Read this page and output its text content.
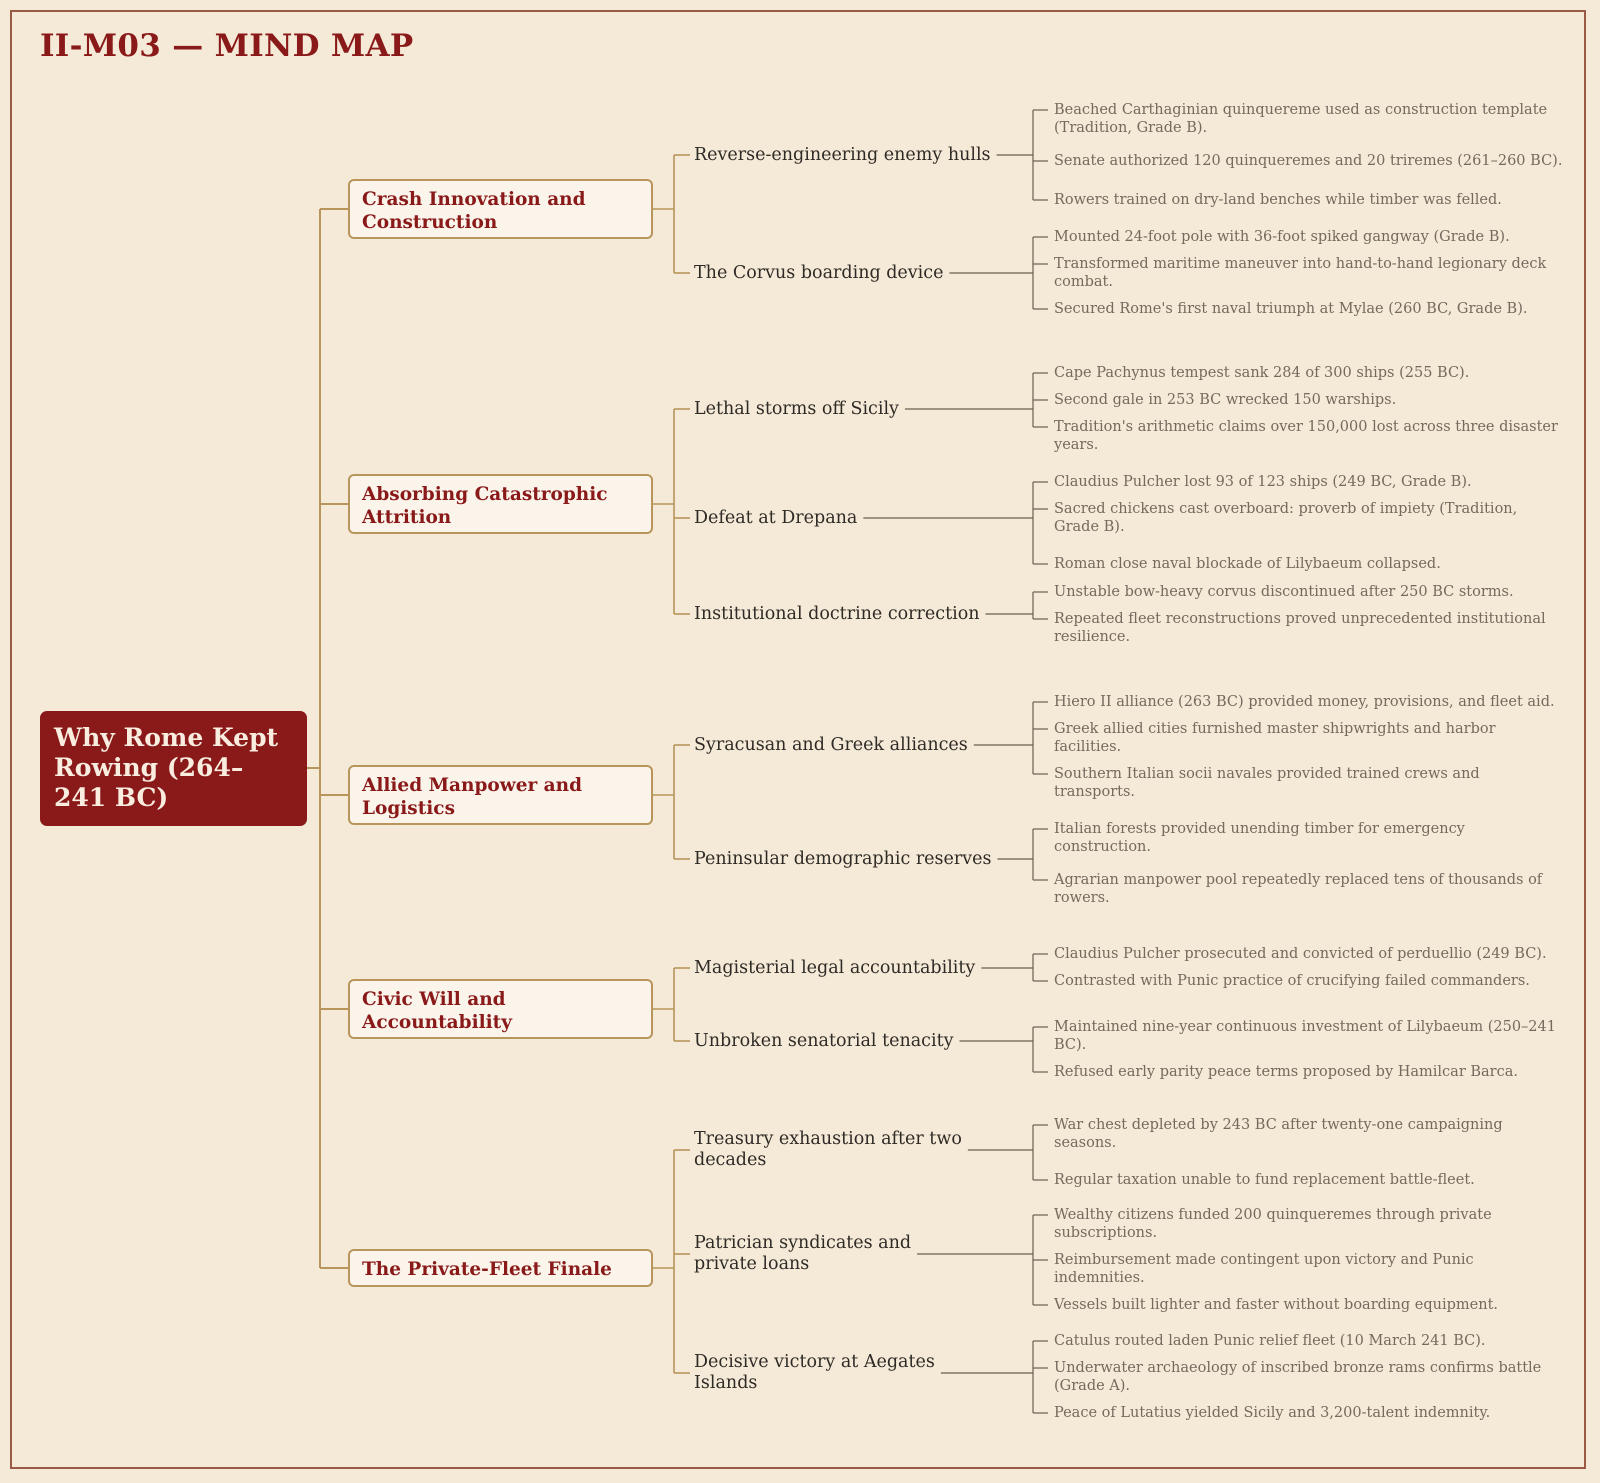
II-M03 — MIND MAP
Why Rome Kept Rowing (264–241 BC)
Crash Innovation and Construction
Reverse-engineering enemy hulls
Beached Carthaginian quinquereme used as construction template (Tradition, Grade B).
Senate authorized 120 quinqueremes and 20 triremes (261–260 BC).
Rowers trained on dry-land benches while timber was felled.
The Corvus boarding device
Mounted 24-foot pole with 36-foot spiked gangway (Grade B).
Transformed maritime maneuver into hand-to-hand legionary deck combat.
Secured Rome's first naval triumph at Mylae (260 BC, Grade B).
Absorbing Catastrophic Attrition
Lethal storms off Sicily
Cape Pachynus tempest sank 284 of 300 ships (255 BC).
Second gale in 253 BC wrecked 150 warships.
Tradition's arithmetic claims over 150,000 lost across three disaster years.
Defeat at Drepana
Claudius Pulcher lost 93 of 123 ships (249 BC, Grade B).
Sacred chickens cast overboard: proverb of impiety (Tradition, Grade B).
Roman close naval blockade of Lilybaeum collapsed.
Institutional doctrine correction
Unstable bow-heavy corvus discontinued after 250 BC storms.
Repeated fleet reconstructions proved unprecedented institutional resilience.
Allied Manpower and Logistics
Syracusan and Greek alliances
Hiero II alliance (263 BC) provided money, provisions, and fleet aid.
Greek allied cities furnished master shipwrights and harbor facilities.
Southern Italian socii navales provided trained crews and transports.
Peninsular demographic reserves
Italian forests provided unending timber for emergency construction.
Agrarian manpower pool repeatedly replaced tens of thousands of rowers.
Civic Will and Accountability
Magisterial legal accountability
Claudius Pulcher prosecuted and convicted of perduellio (249 BC).
Contrasted with Punic practice of crucifying failed commanders.
Unbroken senatorial tenacity
Maintained nine-year continuous investment of Lilybaeum (250–241 BC).
Refused early parity peace terms proposed by Hamilcar Barca.
The Private-Fleet Finale
Treasury exhaustion after two decades
War chest depleted by 243 BC after twenty-one campaigning seasons.
Regular taxation unable to fund replacement battle-fleet.
Patrician syndicates and private loans
Wealthy citizens funded 200 quinqueremes through private subscriptions.
Reimbursement made contingent upon victory and Punic indemnities.
Vessels built lighter and faster without boarding equipment.
Decisive victory at Aegates Islands
Catulus routed laden Punic relief fleet (10 March 241 BC).
Underwater archaeology of inscribed bronze rams confirms battle (Grade A).
Peace of Lutatius yielded Sicily and 3,200-talent indemnity.
